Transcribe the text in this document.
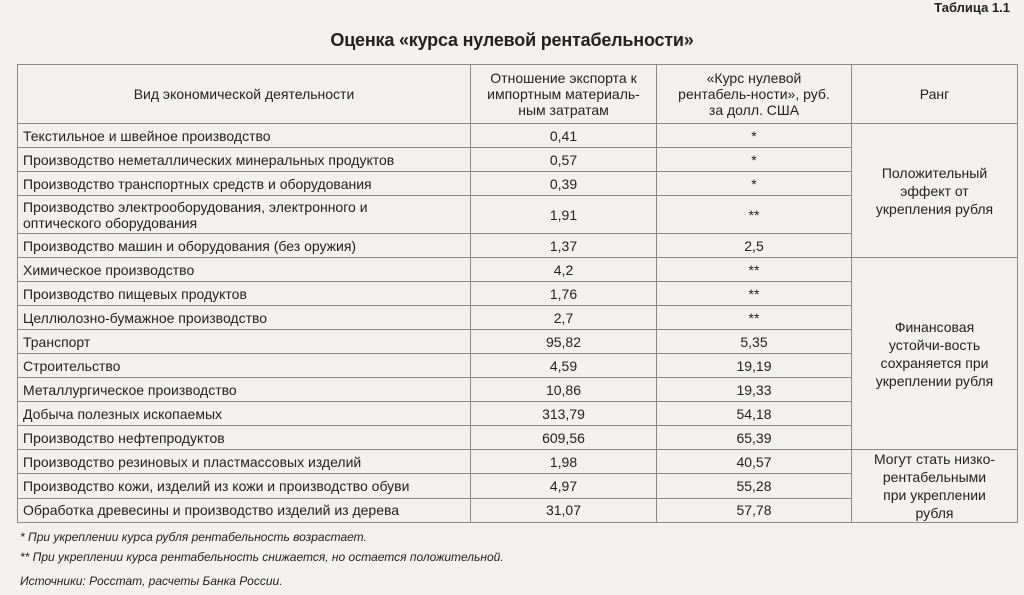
Таблица 1.1
Оценка «курса нулевой рентабельности»
Вид экономической деятельности	Отношение экспорта к импортным материаль-ным затратам	«Курс нулевой рентабель-ности», руб. за долл. США	Ранг
Текстильное и швейное производство	0,41	*	Положительный эффект от укрепления рубля
Производство неметаллических минеральных продуктов	0,57	*	
Производство транспортных средств и оборудования	0,39	*	
Производство электрооборудования, электронного и оптического оборудования	1,91	**	
Производство машин и оборудования (без оружия)	1,37	2,5	
Химическое производство	4,2	**	Финансовая устойчи-вость сохраняется при укреплении рубля
Производство пищевых продуктов	1,76	**	
Целлюлозно-бумажное производство	2,7	**	
Транспорт	95,82	5,35	
Строительство	4,59	19,19	
Металлургическое производство	10,86	19,33	
Добыча полезных ископаемых	313,79	54,18	
Производство нефтепродуктов	609,56	65,39	
Производство резиновых и пластмассовых изделий	1,98	40,57	Могут стать низко-рентабельными при укреплении рубля
Производство кожи, изделий из кожи и производство обуви	4,97	55,28	
Обработка древесины и производство изделий из дерева	31,07	57,78	
* При укреплении курса рубля рентабельность возрастает.
** При укреплении курса рентабельность снижается, но остается положительной.
Источники: Росстат, расчеты Банка России.
